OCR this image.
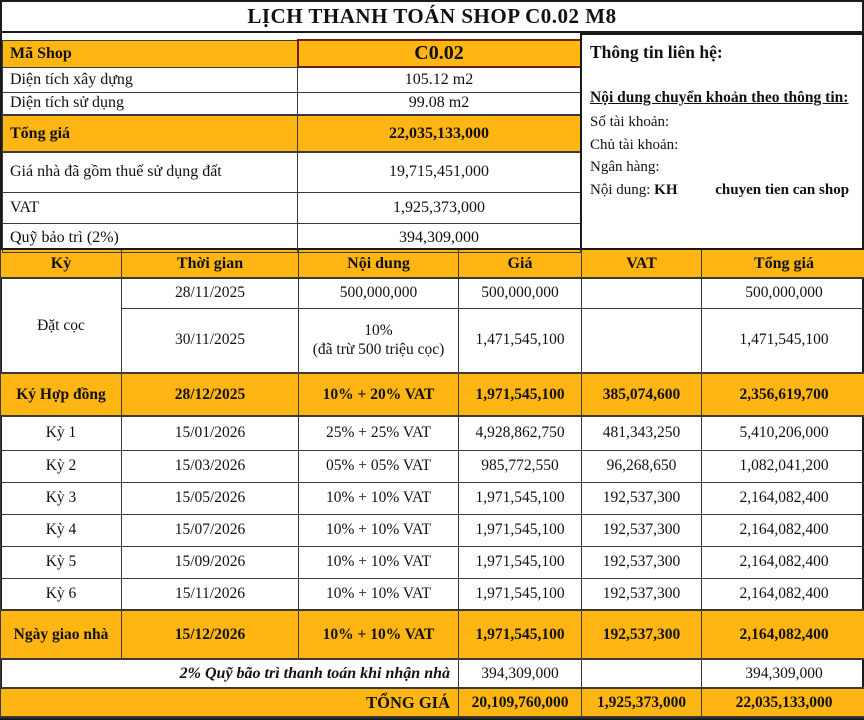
LỊCH THANH TOÁN SHOP C0.02 M8
Mã Shop	C0.02
Diện tích xây dựng	105.12 m2
Diện tích sử dụng	99.08 m2
Tổng giá	22,035,133,000
Giá nhà đã gồm thuế sử dụng đất	19,715,451,000
VAT	1,925,373,000
Quỹ bảo trì (2%)	394,309,000
Thông tin liên hệ:
Nội dung chuyển khoản theo thông tin:
Số tài khoản:
Chủ tài khoản:
Ngân hàng:
Nội dung: KH	chuyen tien can shop
Kỳ	Thời gian	Nội dung	Giá	VAT	Tổng giá
Đặt cọc	28/11/2025	500,000,000	500,000,000		500,000,000
	30/11/2025	10%
(đã trừ 500 triệu cọc)	1,471,545,100		1,471,545,100
Ký Hợp đồng	28/12/2025	10% + 20% VAT	1,971,545,100	385,074,600	2,356,619,700
Kỳ 1	15/01/2026	25% + 25% VAT	4,928,862,750	481,343,250	5,410,206,000
Kỳ 2	15/03/2026	05% + 05% VAT	985,772,550	96,268,650	1,082,041,200
Kỳ 3	15/05/2026	10% + 10% VAT	1,971,545,100	192,537,300	2,164,082,400
Kỳ 4	15/07/2026	10% + 10% VAT	1,971,545,100	192,537,300	2,164,082,400
Kỳ 5	15/09/2026	10% + 10% VAT	1,971,545,100	192,537,300	2,164,082,400
Kỳ 6	15/11/2026	10% + 10% VAT	1,971,545,100	192,537,300	2,164,082,400
Ngày giao nhà	15/12/2026	10% + 10% VAT	1,971,545,100	192,537,300	2,164,082,400
2% Quỹ bão trì thanh toán khi nhận nhà			394,309,000		394,309,000
TỔNG GIÁ			20,109,760,000	1,925,373,000	22,035,133,000
